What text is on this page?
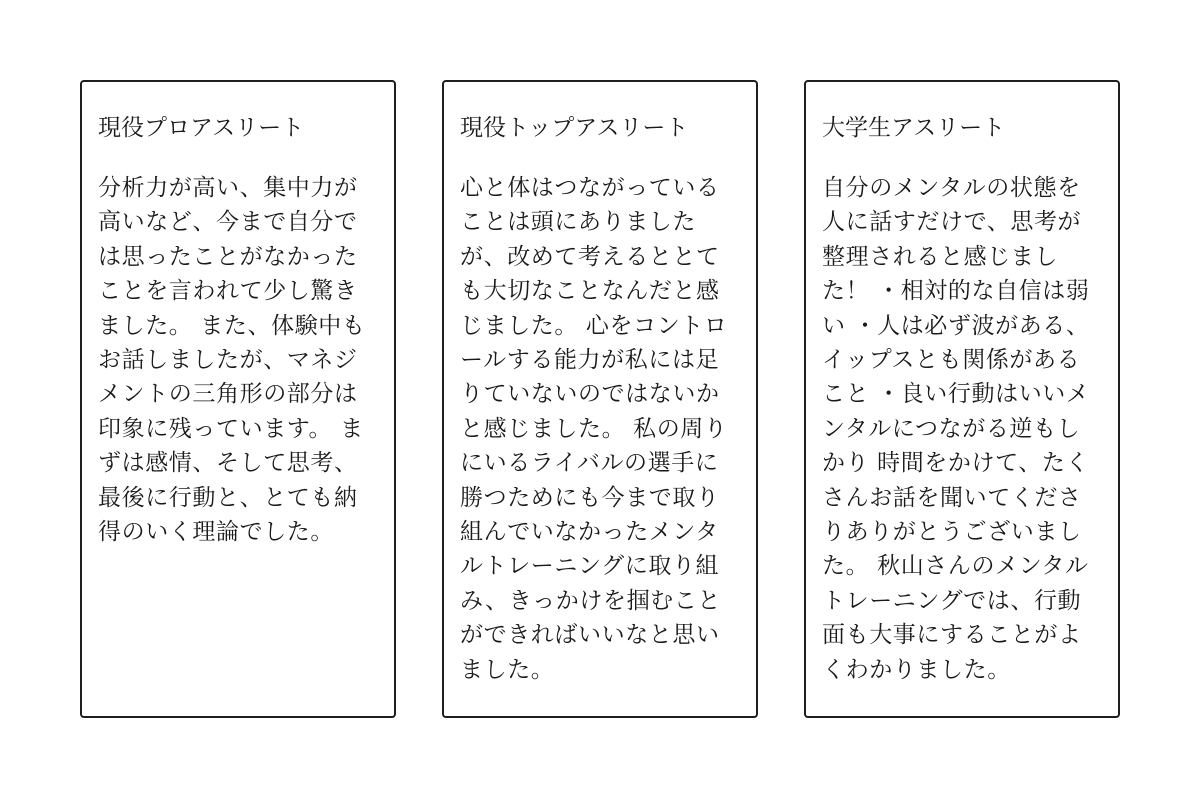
現役プロアスリート
分析力が高い、集中力が
高いなど、今まで自分で
は思ったことがなかった
ことを言われて少し驚き
ました。 また、体験中も
お話しましたが、マネジ
メントの三角形の部分は
印象に残っています。 ま
ずは感情、そして思考、
最後に行動と、とても納
得のいく理論でした。
現役トップアスリート
心と体はつながっている
ことは頭にありました
が、改めて考えるととて
も大切なことなんだと感
じました。 心をコントロ
ールする能力が私には足
りていないのではないか
と感じました。 私の周り
にいるライバルの選手に
勝つためにも今まで取り
組んでいなかったメンタ
ルトレーニングに取り組
み、きっかけを掴むこと
ができればいいなと思い
ました。
大学生アスリート
自分のメンタルの状態を
人に話すだけで、思考が
整理されると感じまし
た！ ・相対的な自信は弱
い ・人は必ず波がある、
イップスとも関係がある
こと ・良い行動はいいメ
ンタルにつながる逆もし
かり 時間をかけて、たく
さんお話を聞いてくださ
りありがとうございまし
た。 秋山さんのメンタル
トレーニングでは、行動
面も大事にすることがよ
くわかりました。
